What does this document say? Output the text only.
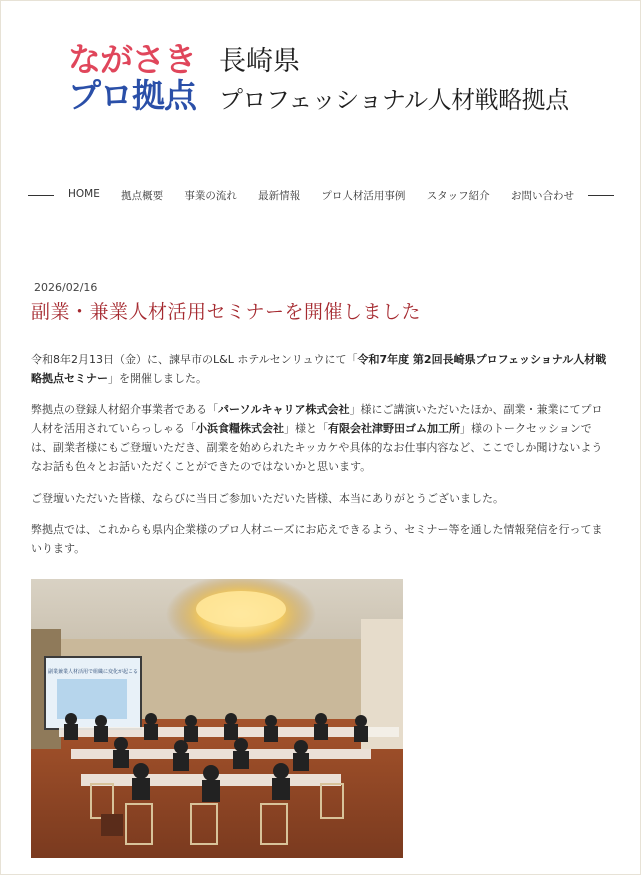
ながさき
プロ拠点
長崎県
プロフェッショナル人材戦略拠点
HOME 拠点概要 事業の流れ 最新情報 プロ人材活用事例 スタッフ紹介 お問い合わせ
2026/02/16
副業・兼業人材活用セミナーを開催しました

令和8年2月13日（金）に、諫早市のL&L ホテルセンリュウにて「令和7年度 第2回長崎県プロフェッショナル人材戦略拠点セミナー」を開催しました。

弊拠点の登録人材紹介事業者である「パーソルキャリア株式会社」様にご講演いただいたほか、副業・兼業にてプロ人材を活用されていらっしゃる「小浜食糧株式会社」様と「有限会社津野田ゴム加工所」様のトークセッションでは、副業者様にもご登壇いただき、副業を始められたキッカケや具体的なお仕事内容など、ここでしか聞けないようなお話も色々とお話いただくことができたのではないかと思います。

ご登壇いただいた皆様、ならびに当日ご参加いただいた皆様、本当にありがとうございました。

弊拠点では、これからも県内企業様のプロ人材ニーズにお応えできるよう、セミナー等を通した情報発信を行ってまいります。

副業兼業人材活用で組織に変化が起こる
